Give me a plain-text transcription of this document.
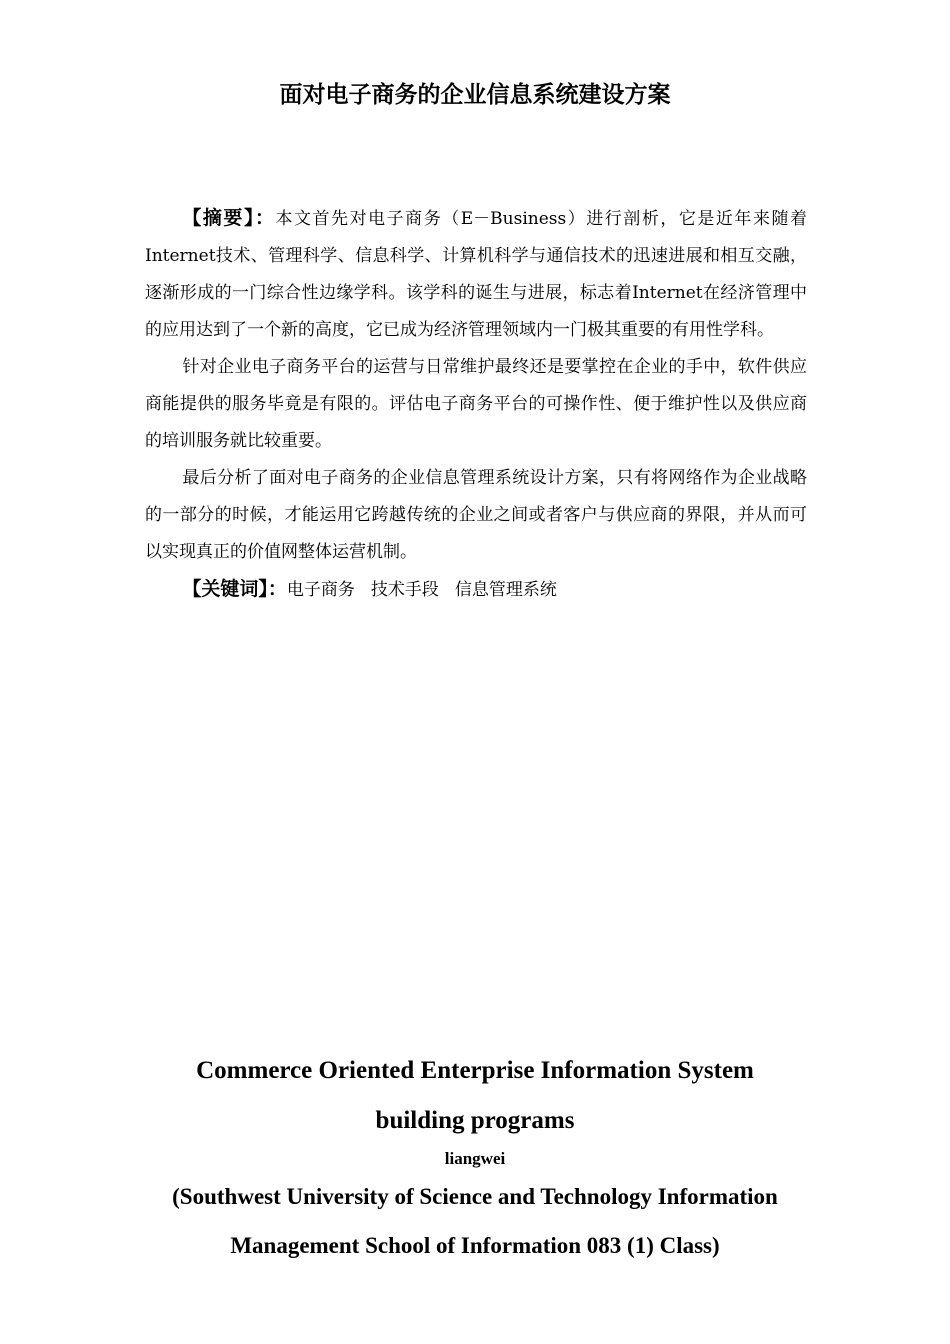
面对电子商务的企业信息系统建设方案

【摘要】：本文首先对电子商务（E－Business）进行剖析，它是近年来随着Internet技术、管理科学、信息科学、计算机科学与通信技术的迅速进展和相互交融，逐渐形成的一门综合性边缘学科。该学科的诞生与进展，标志着Internet在经济管理中的应用达到了一个新的高度，它已成为经济管理领域内一门极其重要的有用性学科。

针对企业电子商务平台的运营与日常维护最终还是要掌控在企业的手中，软件供应商能提供的服务毕竟是有限的。评估电子商务平台的可操作性、便于维护性以及供应商的培训服务就比较重要。

最后分析了面对电子商务的企业信息管理系统设计方案，只有将网络作为企业战略的一部分的时候，才能运用它跨越传统的企业之间或者客户与供应商的界限，并从而可以实现真正的价值网整体运营机制。

【关键词】：电子商务 技术手段 信息管理系统

Commerce Oriented Enterprise Information System
building programs
liangwei
(Southwest University of Science and Technology Information
Management School of Information 083 (1) Class)
